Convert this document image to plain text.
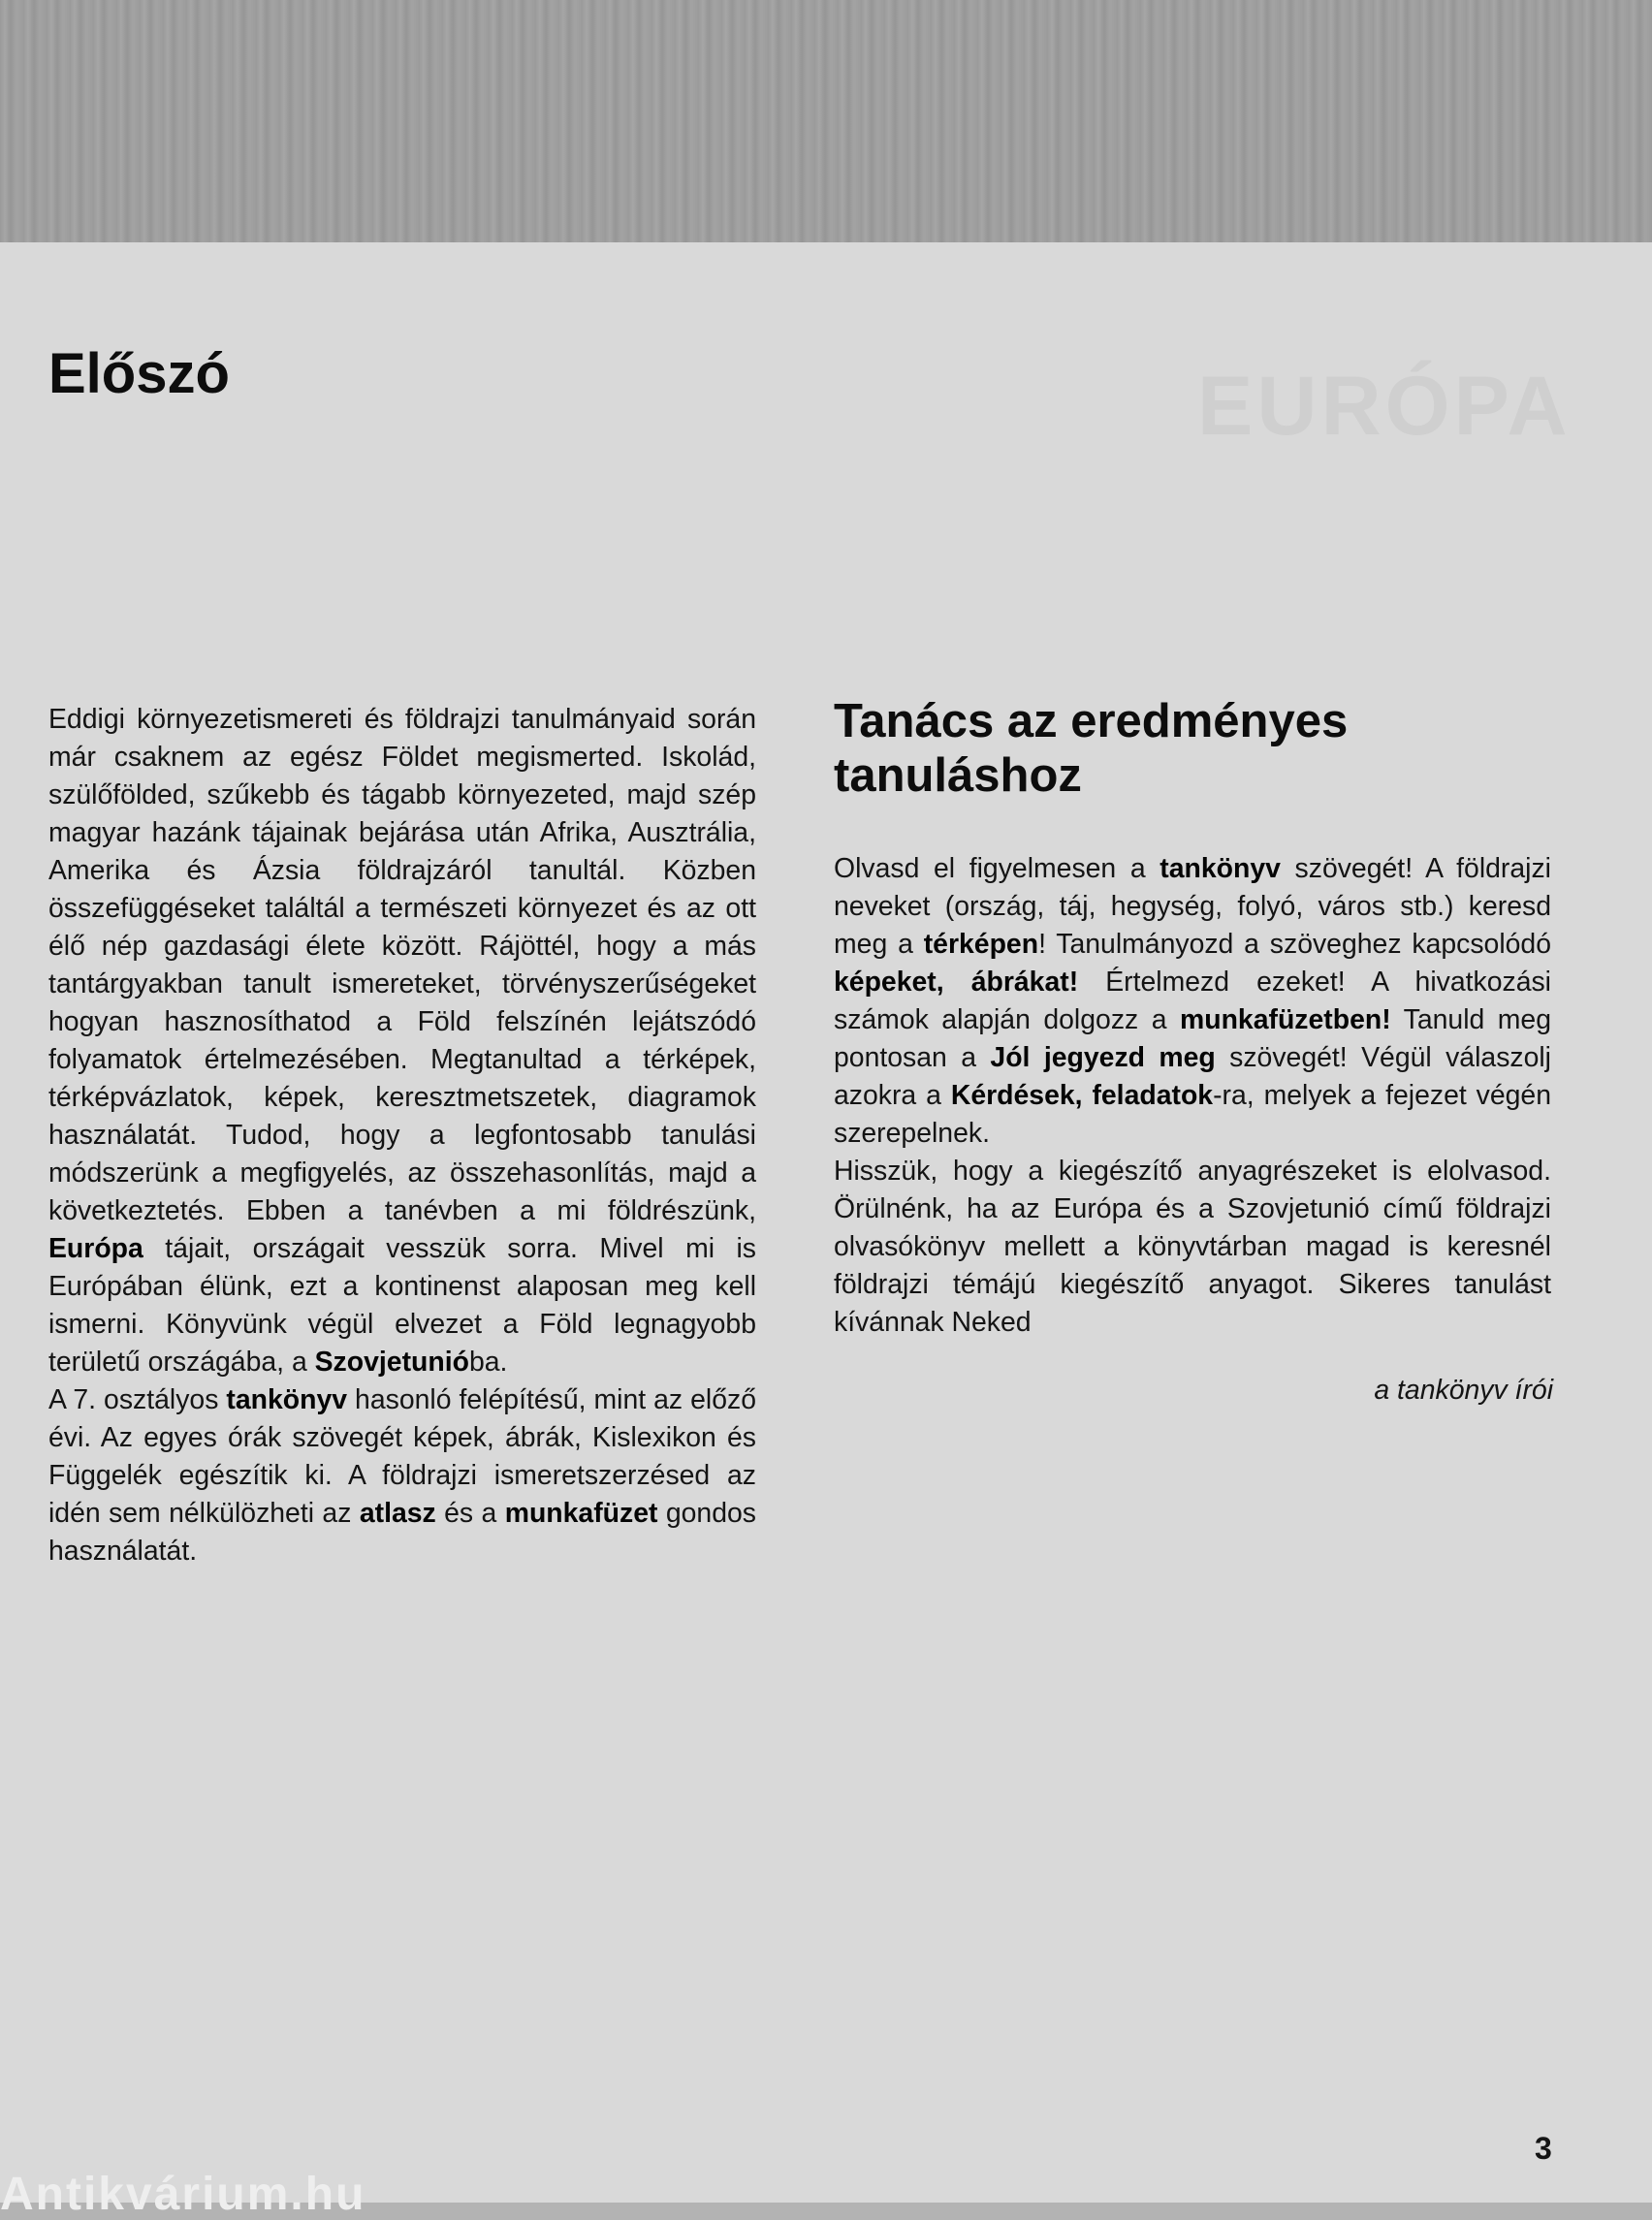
EURÓPA
Előszó

Eddigi környezetismereti és földrajzi tanulmányaid során már csaknem az egész Földet megismerted. Iskolád, szülőfölded, szűkebb és tágabb környezeted, majd szép magyar hazánk tájainak bejárása után Afrika, Ausztrália, Amerika és Ázsia földrajzáról tanultál. Közben összefüggéseket találtál a természeti környezet és az ott élő nép gazdasági élete között. Rájöttél, hogy a más tantárgyakban tanult ismereteket, törvényszerűségeket hogyan hasznosíthatod a Föld felszínén lejátszódó folyamatok értelmezésében. Megtanultad a térképek, térképvázlatok, képek, keresztmetszetek, diagramok használatát. Tudod, hogy a legfontosabb tanulási módszerünk a megfigyelés, az összehasonlítás, majd a következtetés. Ebben a tanévben a mi földrészünk, Európa tájait, országait vesszük sorra. Mivel mi is Európában élünk, ezt a kontinenst alaposan meg kell ismerni. Könyvünk végül elvezet a Föld legnagyobb területű országába, a Szovjetunióba.
A 7. osztályos tankönyv hasonló felépítésű, mint az előző évi. Az egyes órák szövegét képek, ábrák, Kislexikon és Függelék egészítik ki. A földrajzi ismeretszerzésed az idén sem nélkülözheti az atlasz és a munkafüzet gondos használatát.

Tanács az eredményes tanuláshoz

Olvasd el figyelmesen a tankönyv szövegét! A földrajzi neveket (ország, táj, hegység, folyó, város stb.) keresd meg a térképen! Tanulmányozd a szöveghez kapcsolódó képeket, ábrákat! Értelmezd ezeket! A hivatkozási számok alapján dolgozz a munkafüzetben! Tanuld meg pontosan a Jól jegyezd meg szövegét! Végül válaszolj azokra a Kérdések, feladatok-ra, melyek a fejezet végén szerepelnek.
Hisszük, hogy a kiegészítő anyagrészeket is elolvasod. Örülnénk, ha az Európa és a Szovjetunió című földrajzi olvasókönyv mellett a könyvtárban magad is keresnél földrajzi témájú kiegészítő anyagot. Sikeres tanulást kívánnak Neked

a tankönyv írói
3
Antikvárium.hu
